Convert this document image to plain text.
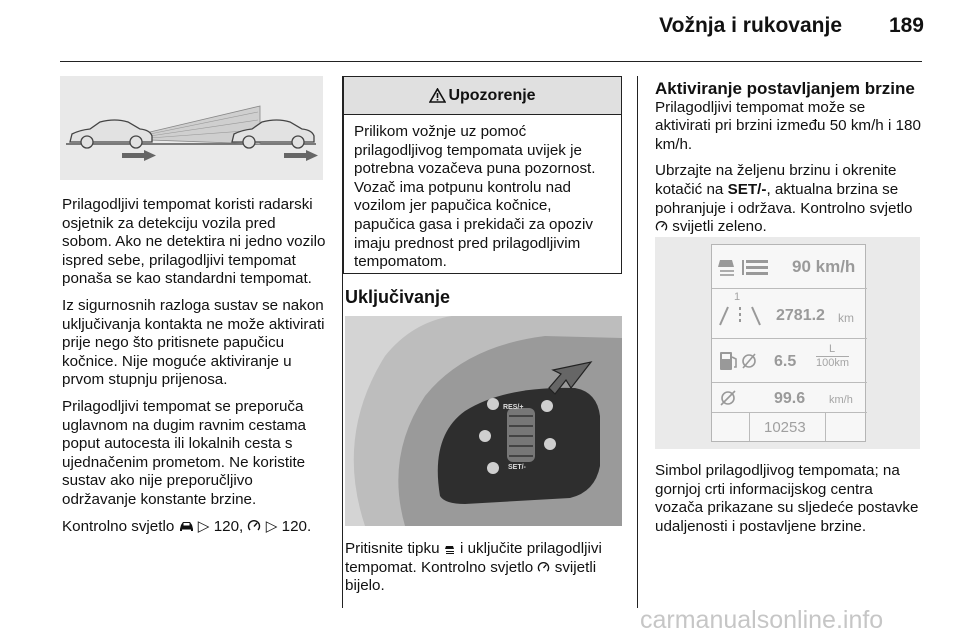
Vožnja i rukovanje 189

Prilagodljivi tempomat koristi radarski osjetnik za detekciju vozila pred sobom. Ako ne detektira ni jedno vozilo ispred sebe, prilagodljivi tempomat ponaša se kao standardni tempomat.

Iz sigurnosnih razloga sustav se nakon uključivanja kontakta ne može aktivirati prije nego što pritisnete papučicu kočnice. Nije moguće aktiviranje u prvom stupnju prijenosa.

Prilagodljivi tempomat se preporuča uglavnom na dugim ravnim cestama poput autocesta ili lokalnih cesta s ujednačenim prometom. Ne koristite sustav ako nije preporučljivo održavanje konstante brzine.

Kontrolno svjetlo ▷ 120, ▷ 120.

Upozorenje
Prilikom vožnje uz pomoć prilagodljivog tempomata uvijek je potrebna vozačeva puna pozornost. Vozač ima potpunu kontrolu nad vozilom jer papučica kočnice, papučica gasa i prekidači za opoziv imaju prednost pred prilagodljivim tempomatom.
Uključivanje
RES/+
SET/-

Pritisnite tipku i uključite prilagodljivi tempomat. Kontrolno svjetlo svijetli bijelo.

Aktiviranje postavljanjem brzine

Prilagodljivi tempomat može se aktivirati pri brzini između 50 km/h i 180 km/h.

Ubrzajte na željenu brzinu i okrenite kotačić na SET/-, aktualna brzina se pohranjuje i održava. Kontrolno svjetlo  svijetli zeleno.

90 km/h
1
2781.2 km
6.5
L
100km
99.6 km/h
10253

Simbol prilagodljivog tempomata; na gornjoj crti informacijskog centra vozača prikazane su sljedeće postavke udaljenosti i postavljene brzine.

carmanualsonline.info
